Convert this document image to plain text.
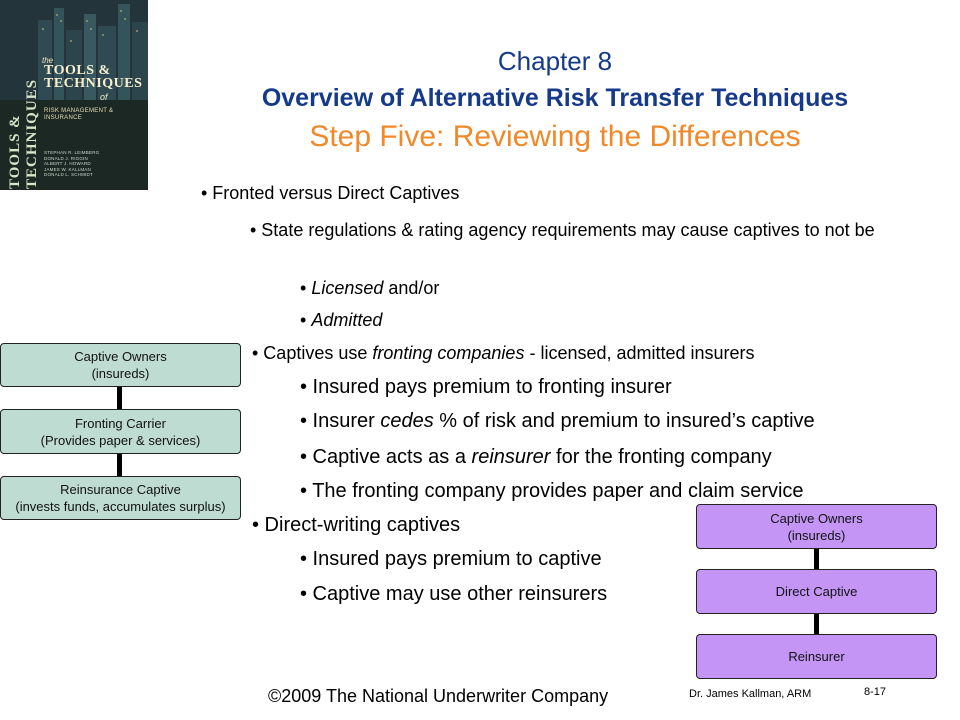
TOOLS & TECHNIQUES
the
TOOLS & TECHNIQUES
of
RISK MANAGEMENT & INSURANCE
STEPHAN R. LEIMBERG
DONALD J. RIGGIN
ALBERT J. HOWARD
JAMES W. KALLMAN
DONALD L. SCHMIDT
Chapter 8
Overview of Alternative Risk Transfer Techniques
Step Five: Reviewing the Differences
• Fronted versus Direct Captives
• State regulations & rating agency requirements may cause captives to not be
• Licensed and/or
• Admitted
• Captives use fronting companies - licensed, admitted insurers
• Insured pays premium to fronting insurer
• Insurer cedes % of risk and premium to insured’s captive
• Captive acts as a reinsurer for the fronting company
• The fronting company provides paper and claim service
• Direct-writing captives
• Insured pays premium to captive
• Captive may use other reinsurers
Captive Owners
(insureds)
Fronting Carrier
(Provides paper & services)
Reinsurance Captive
(invests funds, accumulates surplus)
Captive Owners
(insureds)
Direct Captive
Reinsurer
©2009 The National Underwriter Company	Dr. James Kallman, ARM	8-17
